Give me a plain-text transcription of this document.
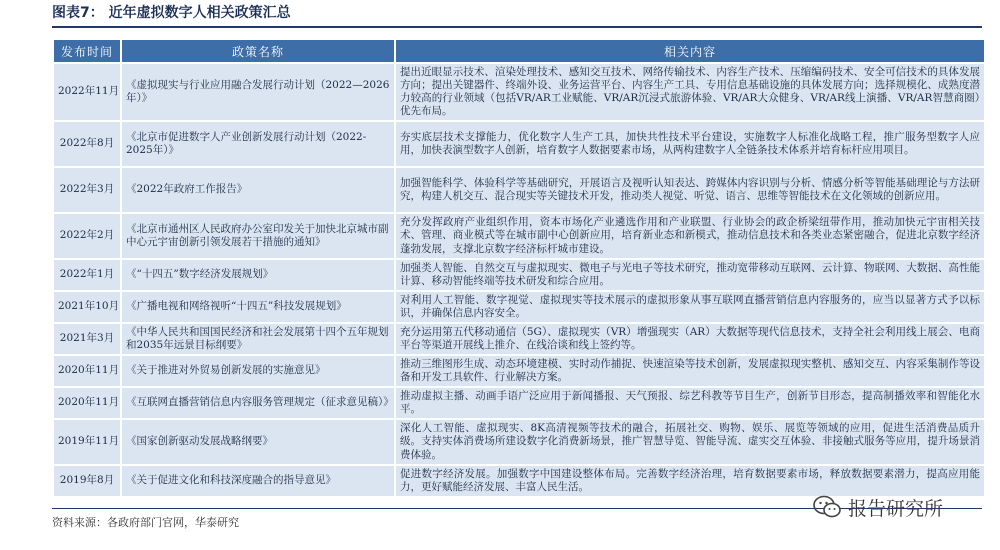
图表7： 近年虚拟数字人相关政策汇总
发布时间	政策名称	相关内容
2022年11月	《虚拟现实与行业应用融合发展行动计划（2022—2026年）》	提出近眼显示技术、渲染处理技术、感知交互技术、网络传输技术、内容生产技术、压缩编码技术、安全可信技术的具体发展方向；提出关键器件、终端外设、业务运营平台、内容生产工具、专用信息基础设施的具体发展方向；选择规模化、成熟度潜力较高的行业领域（包括VR/AR工业赋能、VR/AR沉浸式旅游体验、VR/AR大众健身、VR/AR线上演播、VR/AR智慧商圈）优先布局。
2022年8月	《北京市促进数字人产业创新发展行动计划（2022-2025年）》	夯实底层技术支撑能力，优化数字人生产工具，加快共性技术平台建设，实施数字人标准化战略工程，推广服务型数字人应用，加快表演型数字人创新，培育数字人数据要素市场，从两构建数字人全链条技术体系并培育标杆应用项目。
2022年3月	《2022年政府工作报告》	加强智能科学、体验科学等基础研究，开展语言及视听认知表达、跨媒体内容识别与分析、情感分析等智能基础理论与方法研究，构建人机交互、混合现实等关键技术开发，推动类人视觉、听觉、语言、思维等智能技术在文化领域的创新应用。
2022年2月	《北京市通州区人民政府办公室印发关于加快北京城市副中心元宇宙创新引领发展若干措施的通知》	充分发挥政府产业组织作用，资本市场化产业遴选作用和产业联盟、行业协会的政企桥梁纽带作用，推动加快元宇宙相关技术、管理、商业模式等在城市副中心创新应用，培育新业态和新模式，推动信息技术和各类业态紧密融合，促进北京数字经济蓬勃发展，支撑北京数字经济标杆城市建设。
2022年1月	《“十四五”数字经济发展规划》	加强类人智能、自然交互与虚拟现实、微电子与光电子等技术研究，推动宽带移动互联网、云计算、物联网、大数据、高性能计算、移动智能终端等技术研发和综合应用。
2021年10月	《广播电视和网络视听“十四五”科技发展规划》	对利用人工智能、数字视觉、虚拟现实等技术展示的虚拟形象从事互联网直播营销信息内容服务的，应当以显著方式予以标识，并确保信息内容安全。
2021年3月	《中华人民共和国国民经济和社会发展第十四个五年规划和2035年远景目标纲要》	充分运用第五代移动通信（5G）、虚拟现实（VR）增强现实（AR）大数据等现代信息技术，支持全社会利用线上展会、电商平台等渠道开展线上推介、在线洽谈和线上签约等。
2020年11月	《关于推进对外贸易创新发展的实施意见》	推动三维图形生成、动态环境建模、实时动作捕捉、快速渲染等技术创新，发展虚拟现实整机、感知交互、内容采集制作等设备和开发工具软件、行业解决方案。
2020年11月	《互联网直播营销信息内容服务管理规定（征求意见稿）》	推动虚拟主播、动画手语广泛应用于新闻播报、天气预报、综艺科教等节目生产，创新节目形态，提高制播效率和智能化水平。
2019年11月	《国家创新驱动发展战略纲要》	深化人工智能、虚拟现实、8K高清视频等技术的融合，拓展社交、购物、娱乐、展览等领域的应用，促进生活消费品质升级。支持实体消费场所建设数字化消费新场景，推广智慧导览、智能导流、虚实交互体验、非接触式服务等应用，提升场景消费体验。
2019年8月	《关于促进文化和科技深度融合的指导意见》	促进数字经济发展。加强数字中国建设整体布局。完善数字经济治理，培育数据要素市场，释放数据要素潜力，提高应用能力，更好赋能经济发展、丰富人民生活。
资料来源：各政府部门官网，华泰研究
报告研究所
